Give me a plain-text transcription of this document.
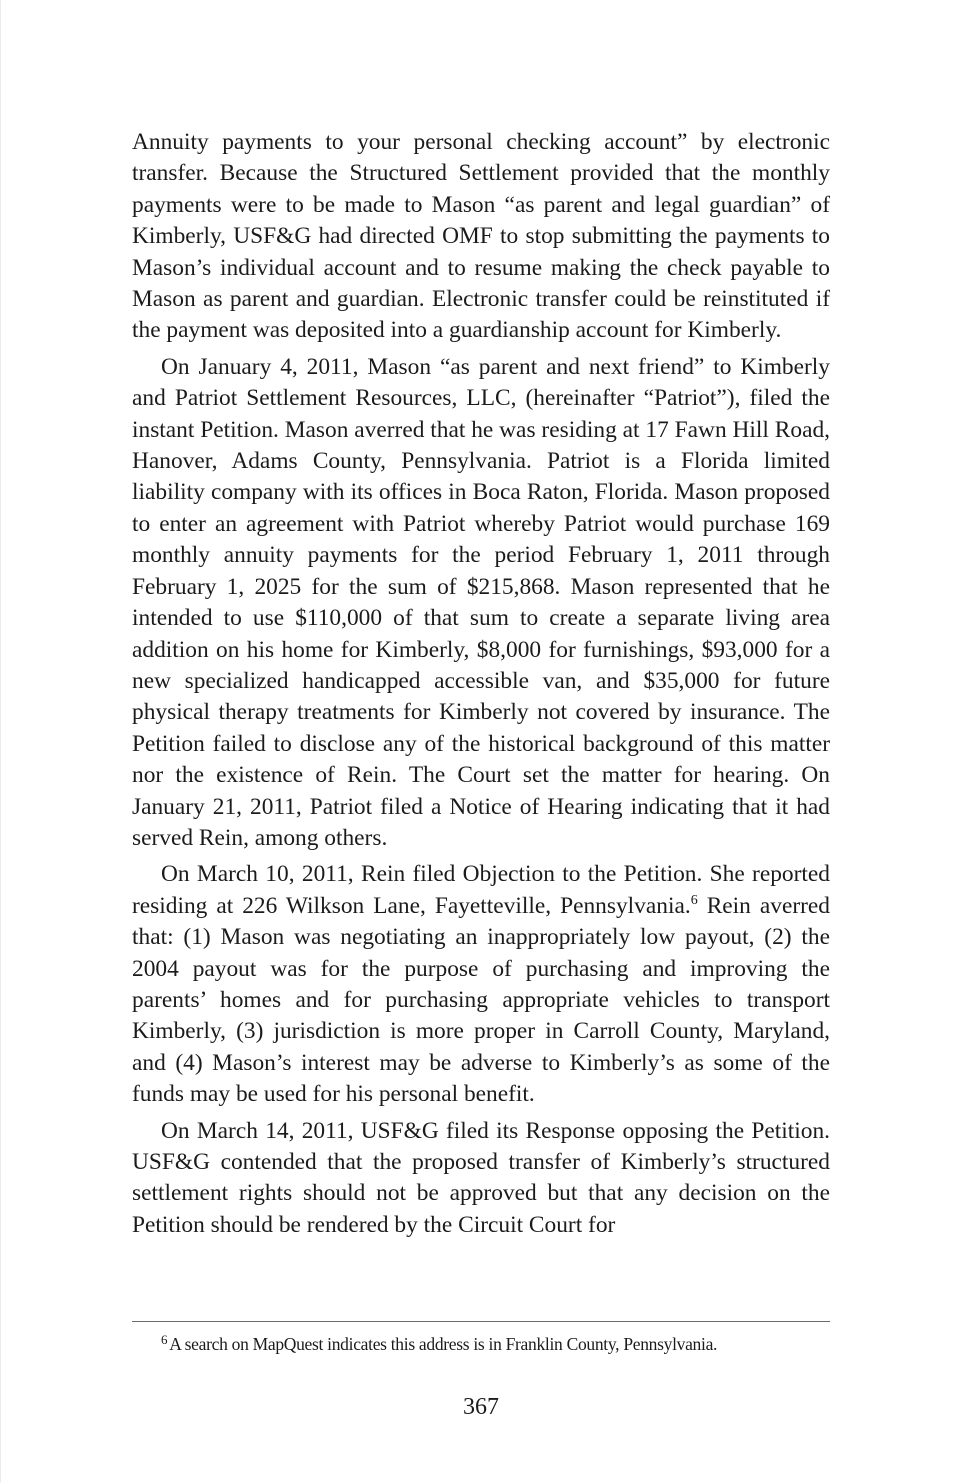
Annuity payments to your personal checking account” by electronic transfer. Because the Structured Settlement provided that the monthly payments were to be made to Mason “as parent and legal guardian” of Kimberly, USF&G had directed OMF to stop submitting the payments to Mason’s individual account and to resume making the check payable to Mason as parent and guardian. Electronic transfer could be reinstituted if the payment was deposited into a guardianship account for Kimberly.

On January 4, 2011, Mason “as parent and next friend” to Kimberly and Patriot Settlement Resources, LLC, (hereinafter “Patriot”), filed the instant Petition. Mason averred that he was residing at 17 Fawn Hill Road, Hanover, Adams County, Pennsylvania. Patriot is a Florida limited liability company with its offices in Boca Raton, Florida. Mason proposed to enter an agreement with Patriot whereby Patriot would purchase 169 monthly annuity payments for the period February 1, 2011 through February 1, 2025 for the sum of $215,868. Mason represented that he intended to use $110,000 of that sum to create a separate living area addition on his home for Kimberly, $8,000 for furnishings, $93,000 for a new specialized handicapped accessible van, and $35,000 for future physical therapy treatments for Kimberly not covered by insurance. The Petition failed to disclose any of the historical background of this matter nor the existence of Rein. The Court set the matter for hearing. On January 21, 2011, Patriot filed a Notice of Hearing indicating that it had served Rein, among others.

On March 10, 2011, Rein filed Objection to the Petition. She reported residing at 226 Wilkson Lane, Fayetteville, Pennsylvania.$^6$ Rein averred that: (1) Mason was negotiating an inappropriately low payout, (2) the 2004 payout was for the purpose of purchasing and improving the parents’ homes and for purchasing appropriate vehicles to transport Kimberly, (3) jurisdiction is more proper in Carroll County, Maryland, and (4) Mason’s interest may be adverse to Kimberly’s as some of the funds may be used for his personal benefit.

On March 14, 2011, USF&G filed its Response opposing the Petition. USF&G contended that the proposed transfer of Kimberly’s structured settlement rights should not be approved but that any decision on the Petition should be rendered by the Circuit Court for

$^6$ A search on MapQuest indicates this address is in Franklin County, Pennsylvania.
367
